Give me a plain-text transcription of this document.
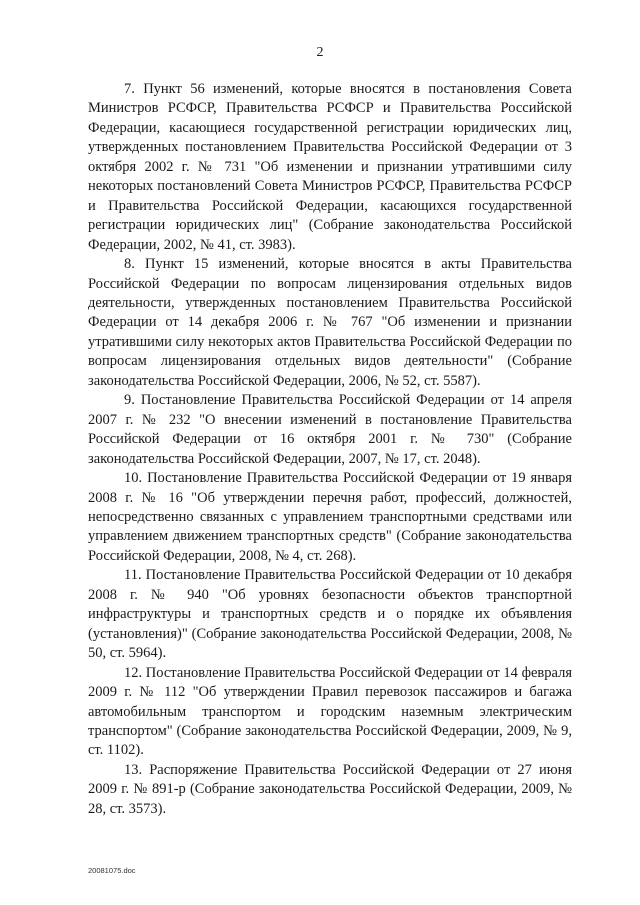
2

7. Пункт 56 изменений, которые вносятся в постановления Совета Министров РСФСР, Правительства РСФСР и Правительства Российской Федерации, касающиеся государственной регистрации юридических лиц, утвержденных постановлением Правительства Российской Федерации от 3 октября 2002 г. № 731 "Об изменении и признании утратившими силу некоторых постановлений Совета Министров РСФСР, Правительства РСФСР и Правительства Российской Федерации, касающихся государственной регистрации юридических лиц" (Собрание законодательства Российской Федерации, 2002, № 41, ст. 3983).

8. Пункт 15 изменений, которые вносятся в акты Правительства Российской Федерации по вопросам лицензирования отдельных видов деятельности, утвержденных постановлением Правительства Российской Федерации от 14 декабря 2006 г. № 767 "Об изменении и признании утратившими силу некоторых актов Правительства Российской Федерации по вопросам лицензирования отдельных видов деятельности" (Собрание законодательства Российской Федерации, 2006, № 52, ст. 5587).

9. Постановление Правительства Российской Федерации от 14 апреля 2007 г. № 232 "О внесении изменений в постановление Правительства Российской Федерации от 16 октября 2001 г. № 730" (Собрание законодательства Российской Федерации, 2007, № 17, ст. 2048).

10. Постановление Правительства Российской Федерации от 19 января 2008 г. № 16 "Об утверждении перечня работ, профессий, должностей, непосредственно связанных с управлением транспортными средствами или управлением движением транспортных средств" (Собрание законодательства Российской Федерации, 2008, № 4, ст. 268).

11. Постановление Правительства Российской Федерации от 10 декабря 2008 г. № 940 "Об уровнях безопасности объектов транспортной инфраструктуры и транспортных средств и о порядке их объявления (установления)" (Собрание законодательства Российской Федерации, 2008, № 50, ст. 5964).

12. Постановление Правительства Российской Федерации от 14 февраля 2009 г. № 112 "Об утверждении Правил перевозок пассажиров и багажа автомобильным транспортом и городским наземным электрическим транспортом" (Собрание законодательства Российской Федерации, 2009, № 9, ст. 1102).

13. Распоряжение Правительства Российской Федерации от 27 июня 2009 г. № 891-р (Собрание законодательства Российской Федерации, 2009, № 28, ст. 3573).

20081075.doc
